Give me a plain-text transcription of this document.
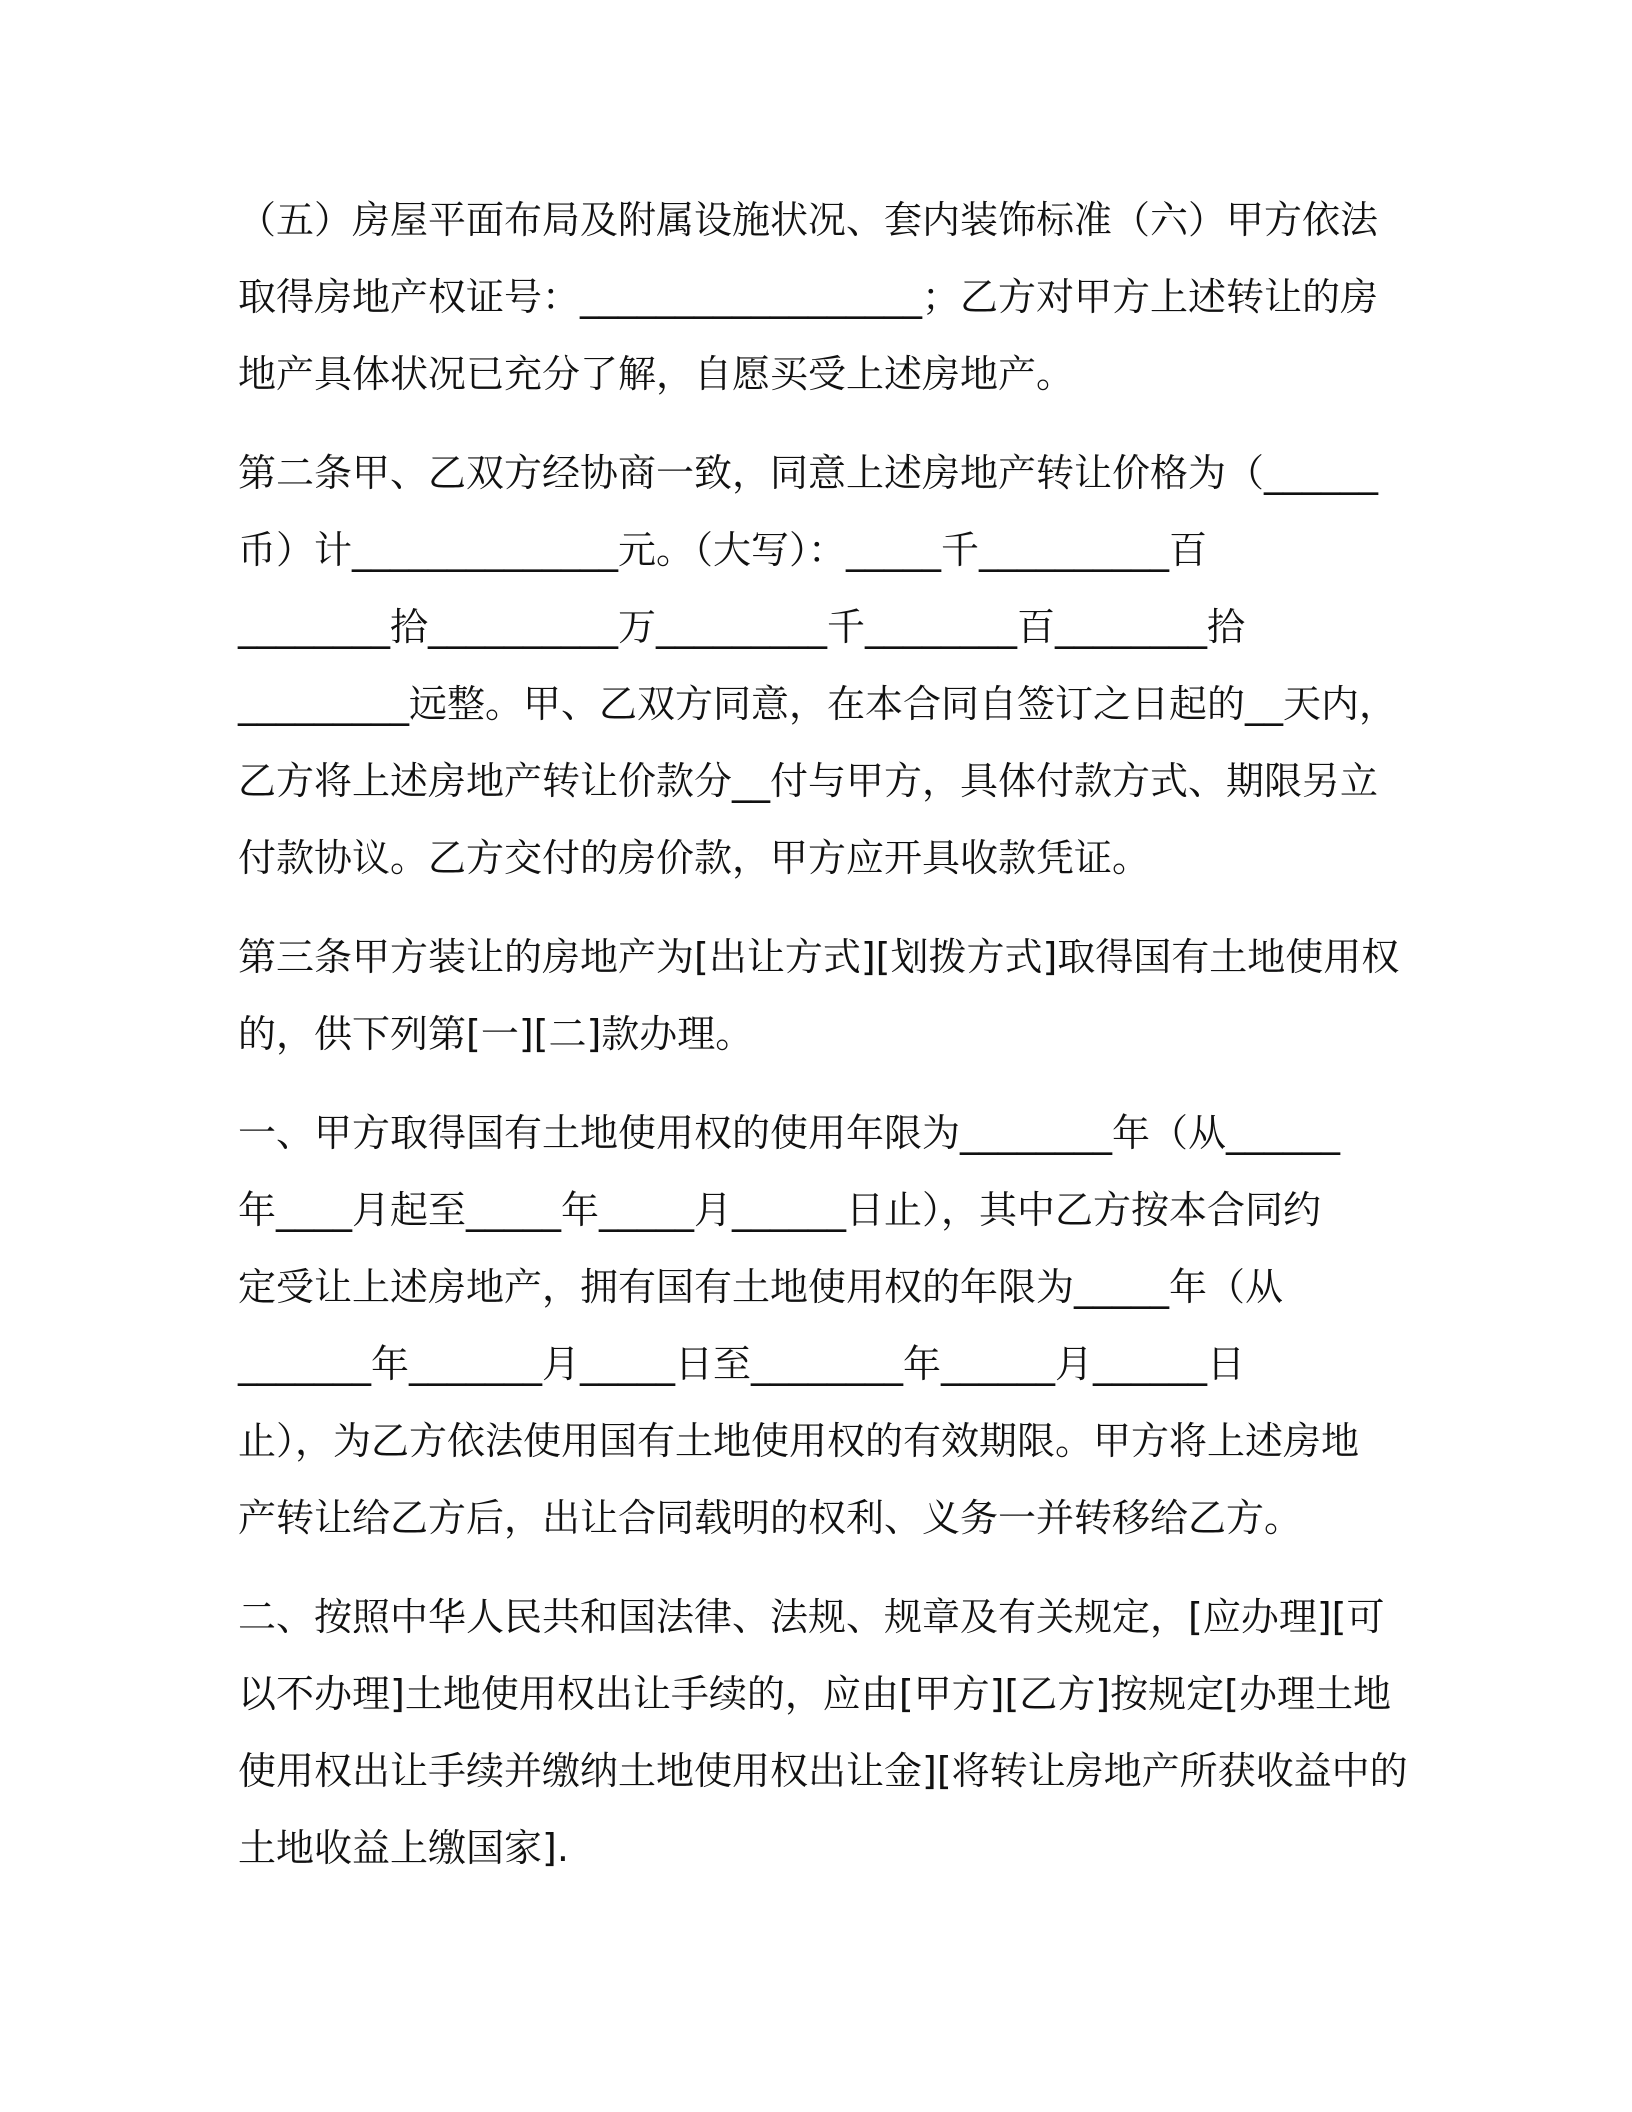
（五）房屋平面布局及附属设施状况、套内装饰标准（六）甲方依法
取得房地产权证号：__________________；乙方对甲方上述转让的房
地产具体状况已充分了解，自愿买受上述房地产。
第二条甲、乙双方经协商一致，同意上述房地产转让价格为（______
币）计______________元。（大写）：_____千__________百
________拾__________万_________千________百________拾
_________远整。甲、乙双方同意，在本合同自签订之日起的__天内，
乙方将上述房地产转让价款分__付与甲方，具体付款方式、期限另立
付款协议。乙方交付的房价款，甲方应开具收款凭证。
第三条甲方装让的房地产为[出让方式][划拨方式]取得国有土地使用权
的，供下列第[一][二]款办理。
一、甲方取得国有土地使用权的使用年限为________年（从______
年____月起至_____年_____月______日止），其中乙方按本合同约
定受让上述房地产，拥有国有土地使用权的年限为_____年（从
_______年_______月_____日至________年______月______日
止），为乙方依法使用国有土地使用权的有效期限。甲方将上述房地
产转让给乙方后，出让合同载明的权利、义务一并转移给乙方。
二、按照中华人民共和国法律、法规、规章及有关规定，[应办理][可
以不办理]土地使用权出让手续的，应由[甲方][乙方]按规定[办理土地
使用权出让手续并缴纳土地使用权出让金][将转让房地产所获收益中的
土地收益上缴国家].
